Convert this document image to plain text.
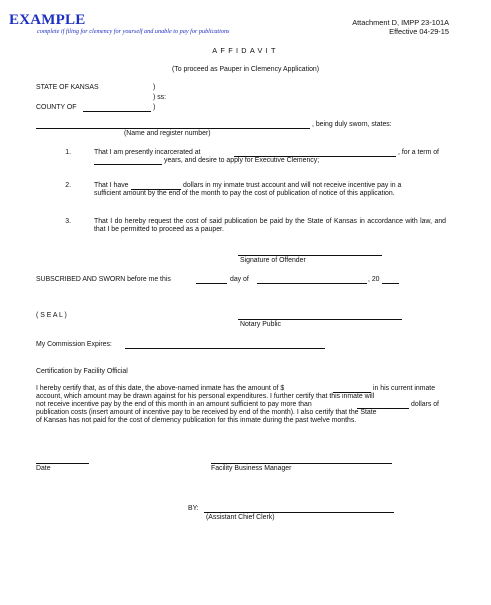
EXAMPLE
complete if filing for clemency for yourself and unable to pay for publications
Attachment D, IMPP 23-101A
Effective 04-29-15
AFFIDAVIT
(To proceed as Pauper in Clemency Application)
STATE OF KANSAS	)
) ss:
COUNTY OF	)
, being duly sworn, states:
(Name and register number)
1.	That I am presently incarcerated at	, for a term of
years, and desire to apply for Executive Clemency;
2.	That I have	dollars in my inmate trust account and will not receive incentive pay in a
sufficient amount by the end of the month to pay the cost of publication of notice of this application.
3.	That I do hereby request the cost of said publication be paid by the State of Kansas in accordance with law, and that I be permitted to proceed as a pauper.
Signature of Offender
SUBSCRIBED AND SWORN before me this	day of	, 20
( S E A L )
Notary Public
My Commission Expires:
Certification by Facility Official
I hereby certify that, as of this date, the above-named inmate has the amount of $	in his current inmate
account, which amount may be drawn against for his personal expenditures. I further certify that this inmate will
not receive incentive pay by the end of this month in an amount sufficient to pay more than	dollars of
publication costs (insert amount of incentive pay to be received by end of the month). I also certify that the State
of Kansas has not paid for the cost of clemency publication for this inmate during the past twelve months.
Date	Facility Business Manager
BY:
(Assistant Chief Clerk)
